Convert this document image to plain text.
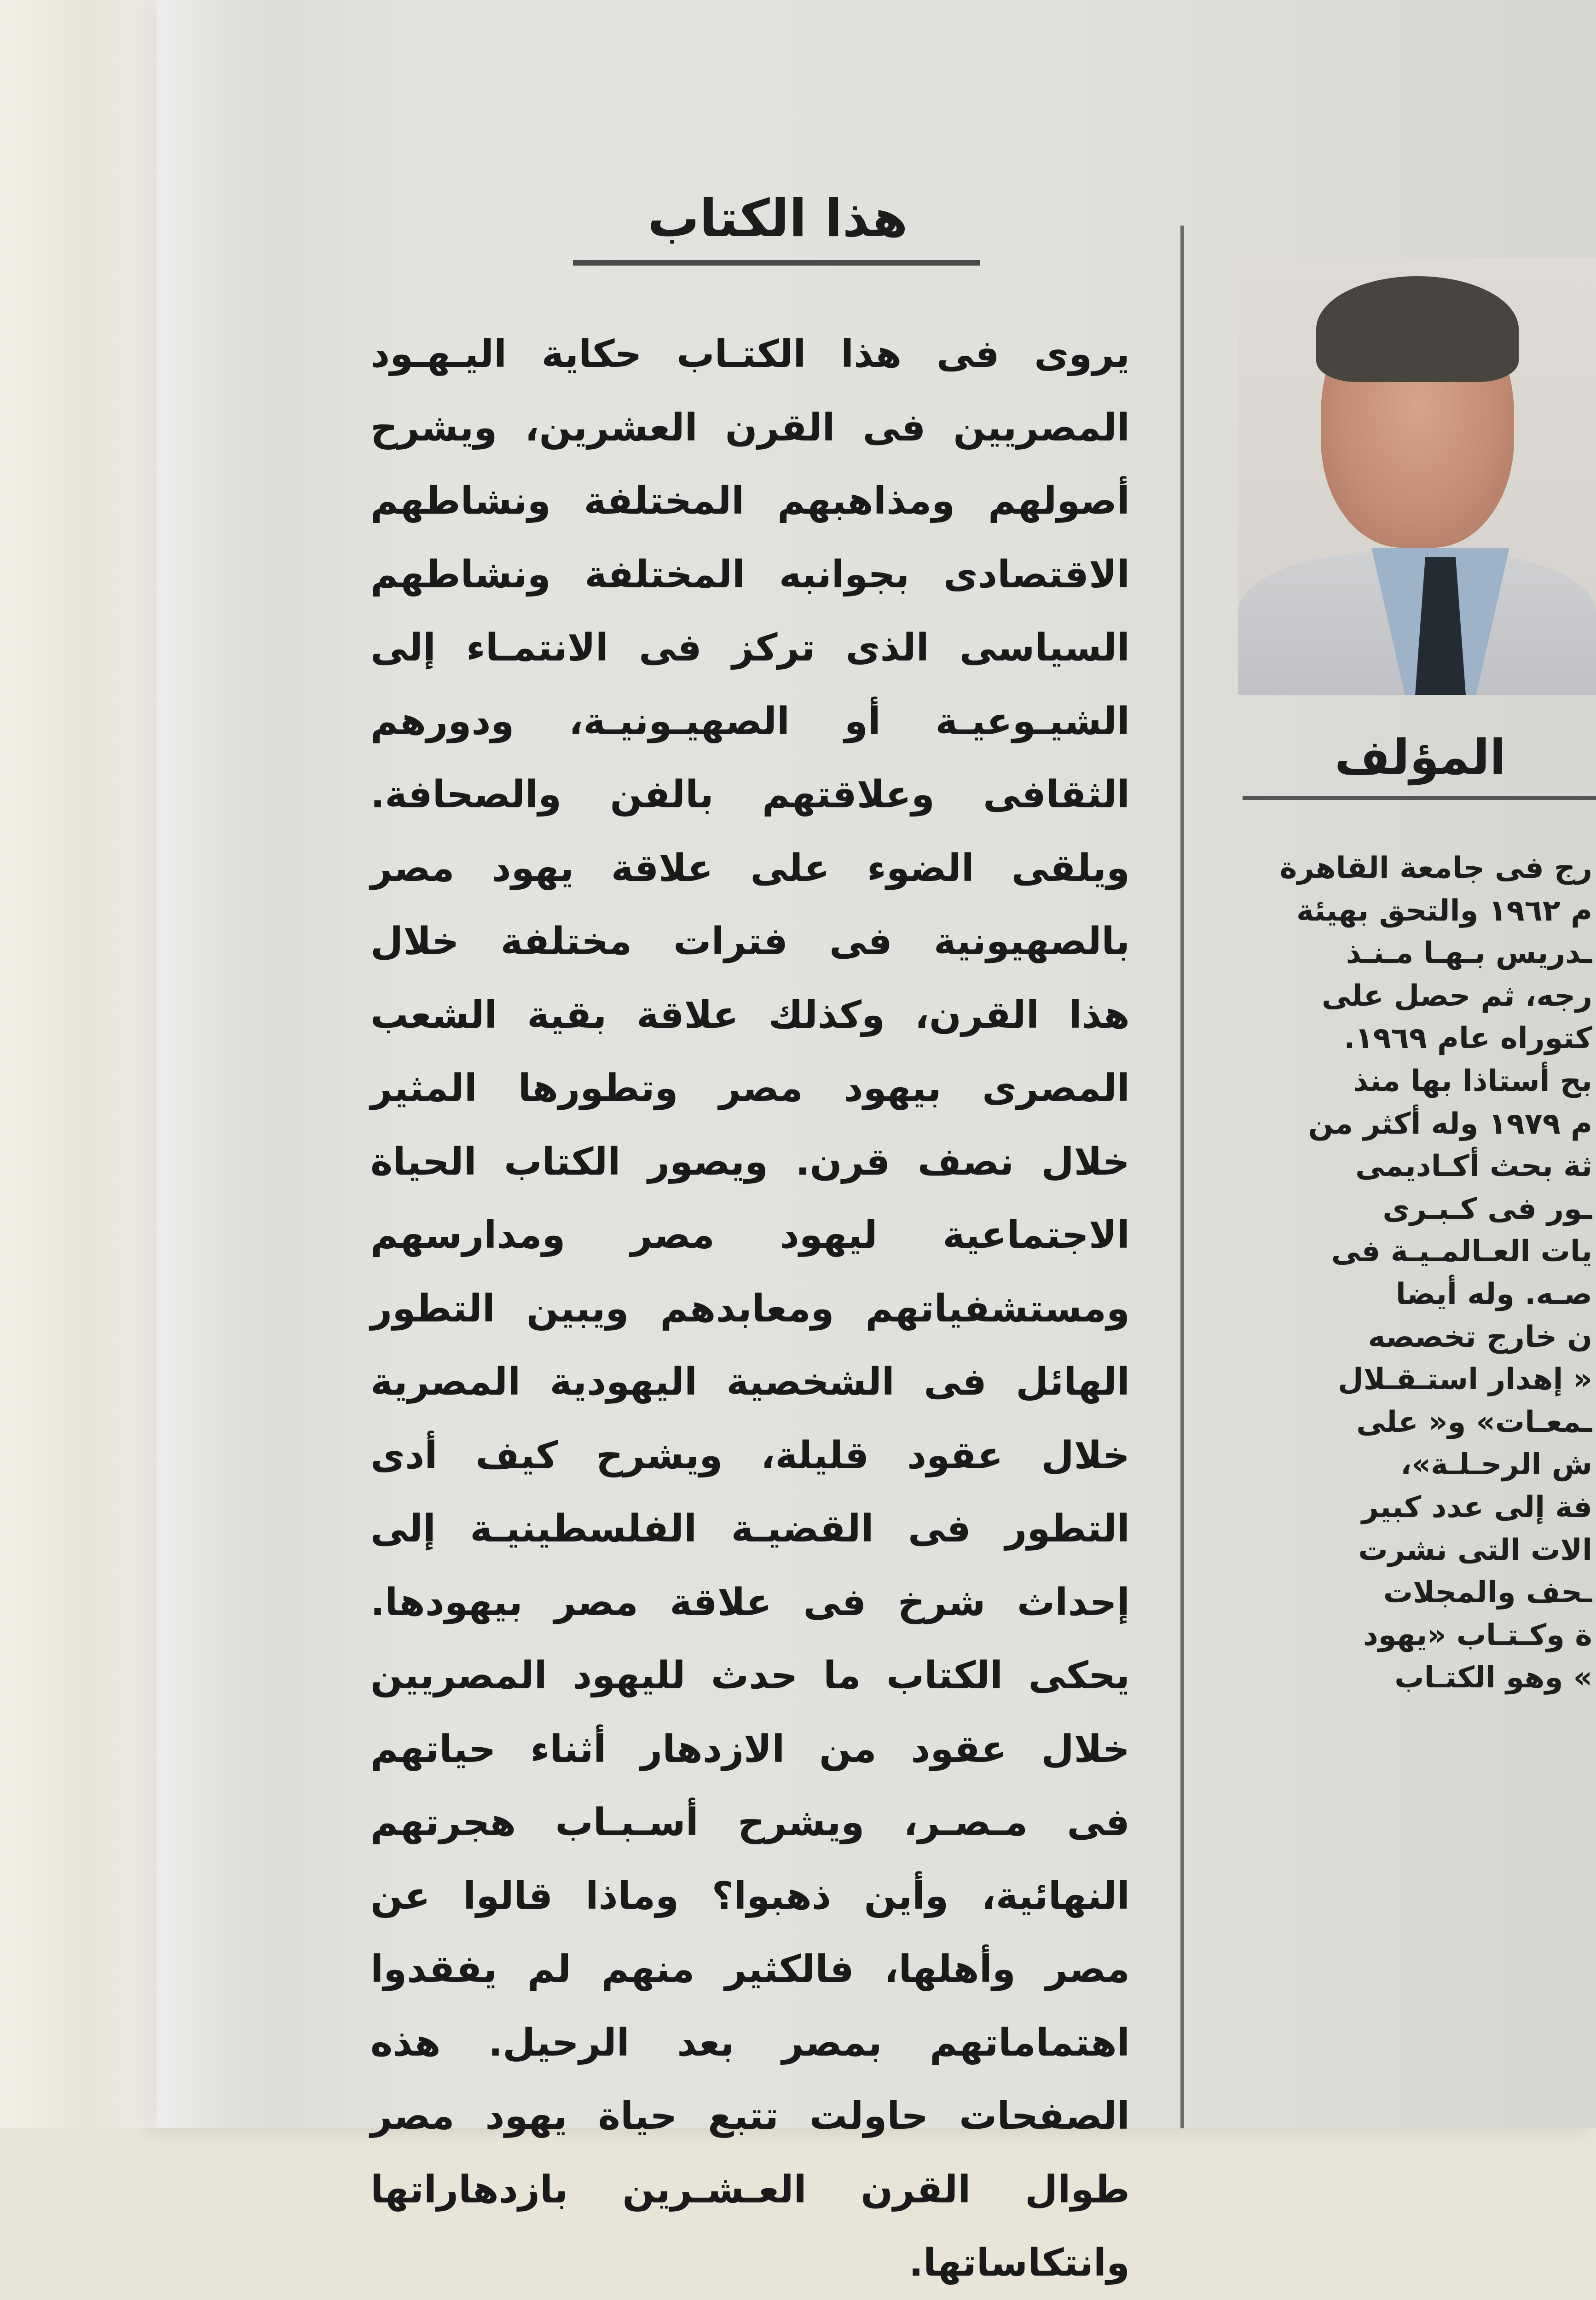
هذا الكتاب
يروى فى هذا الكتـاب حكاية اليـهـود
المصريين فى القرن العشرين، ويشرح
أصولهم ومذاهبهم المختلفة ونشاطهم
الاقتصادى بجوانبه المختلفة ونشاطهم
السياسى الذى تركز فى الانتمـاء إلى
الشيـوعيـة أو الصهيـونيـة، ودورهم
الثقافى وعلاقتهم بالفن والصحافة.
ويلقى الضوء على علاقة يهود مصر
بالصهيونية فى فترات مختلفة خلال
هذا القرن، وكذلك علاقة بقية الشعب
المصرى بيهود مصر وتطورها المثير
خلال نصف قرن. ويصور الكتاب الحياة
الاجتماعية ليهود مصر ومدارسهم
ومستشفياتهم ومعابدهم ويبين التطور
الهائل فى الشخصية اليهودية المصرية
خلال عقود قليلة، ويشرح كيف أدى
التطور فى القضيـة الفلسطينيـة إلى
إحداث شرخ فى علاقة مصر بيهودها.
يحكى الكتاب ما حدث لليهود المصريين
خلال عقود من الازدهار أثناء حياتهم
فى مـصـر، ويشرح أسـبـاب هجرتهم
النهائية، وأين ذهبوا؟ وماذا قالوا عن
مصر وأهلها، فالكثير منهم لم يفقدوا
اهتماماتهم بمصر بعد الرحيل. هذه
الصفحات حاولت تتبع حياة يهود مصر
طوال القرن العـشـرين بازدهاراتها
وانتكاساتها.
المؤلف
رج فى جامعة القاهرة
م ١٩٦٢ والتحق بهيئة
ـدريس بـهـا مـنـذ
رجه، ثم حصل على
كتوراه عام ١٩٦٩.
بح أستاذا بها منذ
م ١٩٧٩ وله أكثر من
ثة بحث أكـاديمى
ـور فى كـبـرى
يات العـالمـيـة فى
صـه. وله أيضا
ن خارج تخصصه
« إهدار استـقـلال
ـمعـات» و« على
ش الرحـلـة»،
فة إلى عدد كبير
الات التى نشرت
ـحف والمجلات
ة وكـتـاب «يهود
» وهو الكتـاب
